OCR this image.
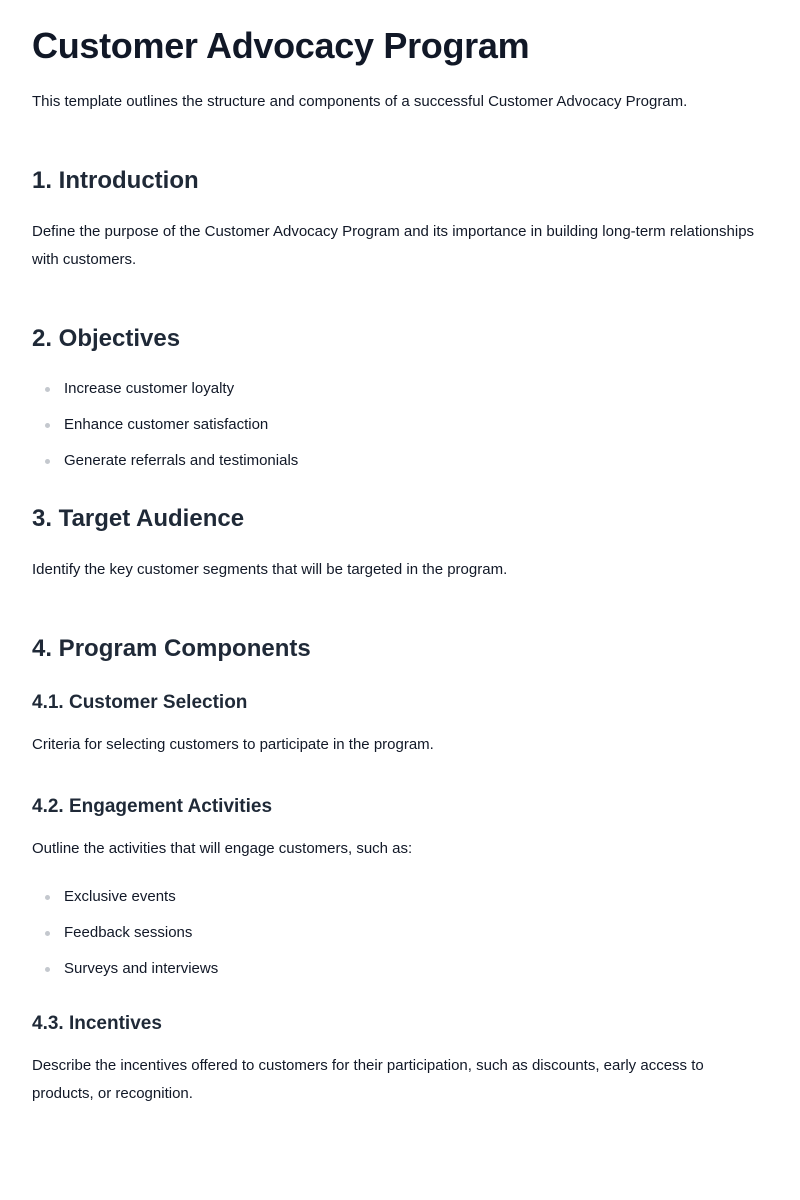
Customer Advocacy Program

This template outlines the structure and components of a successful Customer Advocacy Program.

1. Introduction

Define the purpose of the Customer Advocacy Program and its importance in building long-term relationships with customers.

2. Objectives
Increase customer loyalty
Enhance customer satisfaction
Generate referrals and testimonials
3. Target Audience

Identify the key customer segments that will be targeted in the program.

4. Program Components
4.1. Customer Selection

Criteria for selecting customers to participate in the program.

4.2. Engagement Activities

Outline the activities that will engage customers, such as:

Exclusive events
Feedback sessions
Surveys and interviews
4.3. Incentives

Describe the incentives offered to customers for their participation, such as discounts, early access to products, or recognition.
